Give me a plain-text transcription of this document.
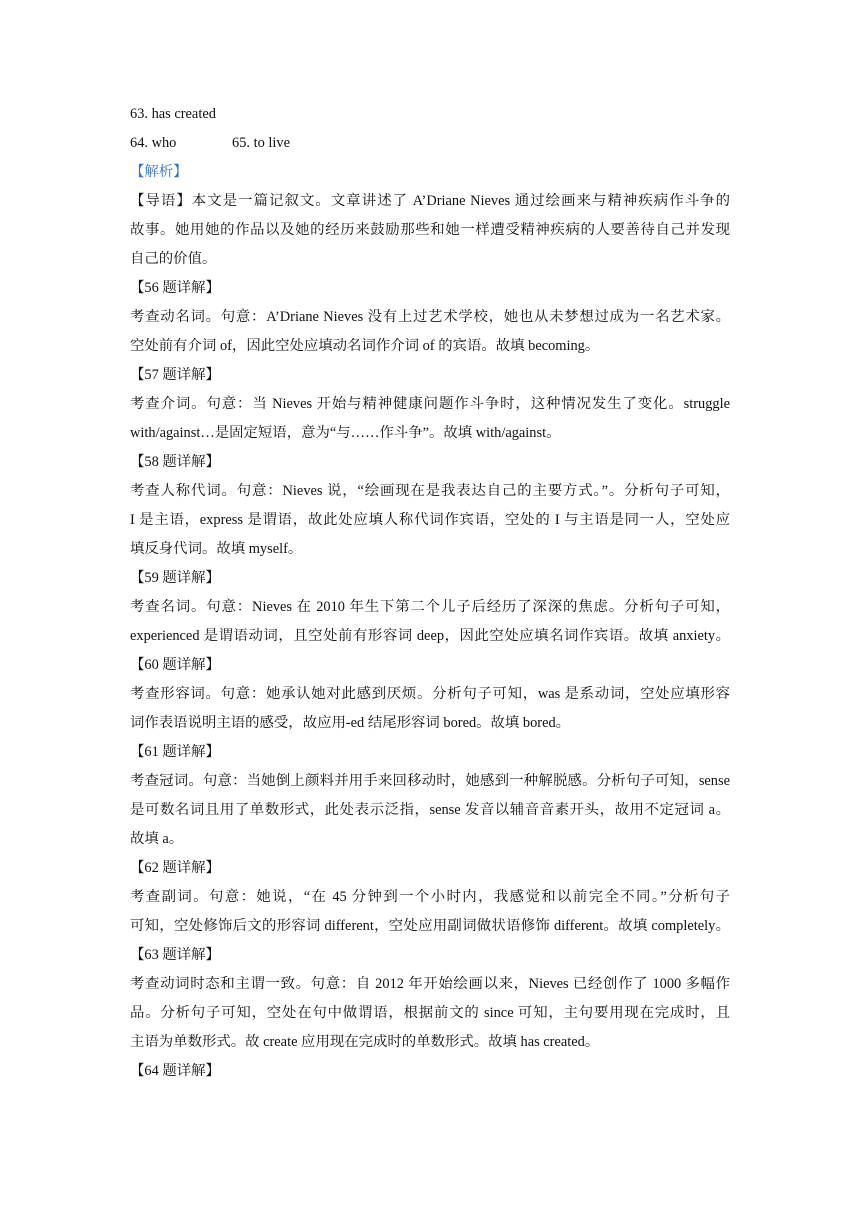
63. has created
64. who	65. to live
【解析】
【导语】本文是一篇记叙文。文章讲述了 A’Driane Nieves 通过绘画来与精神疾病作斗争的
故事。她用她的作品以及她的经历来鼓励那些和她一样遭受精神疾病的人要善待自己并发现
自己的价值。
【56 题详解】
考查动名词。句意：A’Driane Nieves 没有上过艺术学校，她也从未梦想过成为一名艺术家。
空处前有介词 of，因此空处应填动名词作介词 of 的宾语。故填 becoming。
【57 题详解】
考查介词。句意：当 Nieves 开始与精神健康问题作斗争时，这种情况发生了变化。struggle
with/against…是固定短语，意为“与……作斗争”。故填 with/against。
【58 题详解】
考查人称代词。句意：Nieves 说，“绘画现在是我表达自己的主要方式。”。分析句子可知，
I 是主语，express 是谓语，故此处应填人称代词作宾语，空处的 I 与主语是同一人，空处应
填反身代词。故填 myself。
【59 题详解】
考查名词。句意：Nieves 在 2010 年生下第二个儿子后经历了深深的焦虑。分析句子可知，
experienced 是谓语动词，且空处前有形容词 deep，因此空处应填名词作宾语。故填 anxiety。
【60 题详解】
考查形容词。句意：她承认她对此感到厌烦。分析句子可知，was 是系动词，空处应填形容
词作表语说明主语的感受，故应用-ed 结尾形容词 bored。故填 bored。
【61 题详解】
考查冠词。句意：当她倒上颜料并用手来回移动时，她感到一种解脱感。分析句子可知，sense
是可数名词且用了单数形式，此处表示泛指，sense 发音以辅音音素开头，故用不定冠词 a。
故填 a。
【62 题详解】
考查副词。句意：她说，“在 45 分钟到一个小时内，我感觉和以前完全不同。”分析句子
可知，空处修饰后文的形容词 different，空处应用副词做状语修饰 different。故填 completely。
【63 题详解】
考查动词时态和主谓一致。句意：自 2012 年开始绘画以来，Nieves 已经创作了 1000 多幅作
品。分析句子可知，空处在句中做谓语，根据前文的 since 可知，主句要用现在完成时，且
主语为单数形式。故 create 应用现在完成时的单数形式。故填 has created。
【64 题详解】
